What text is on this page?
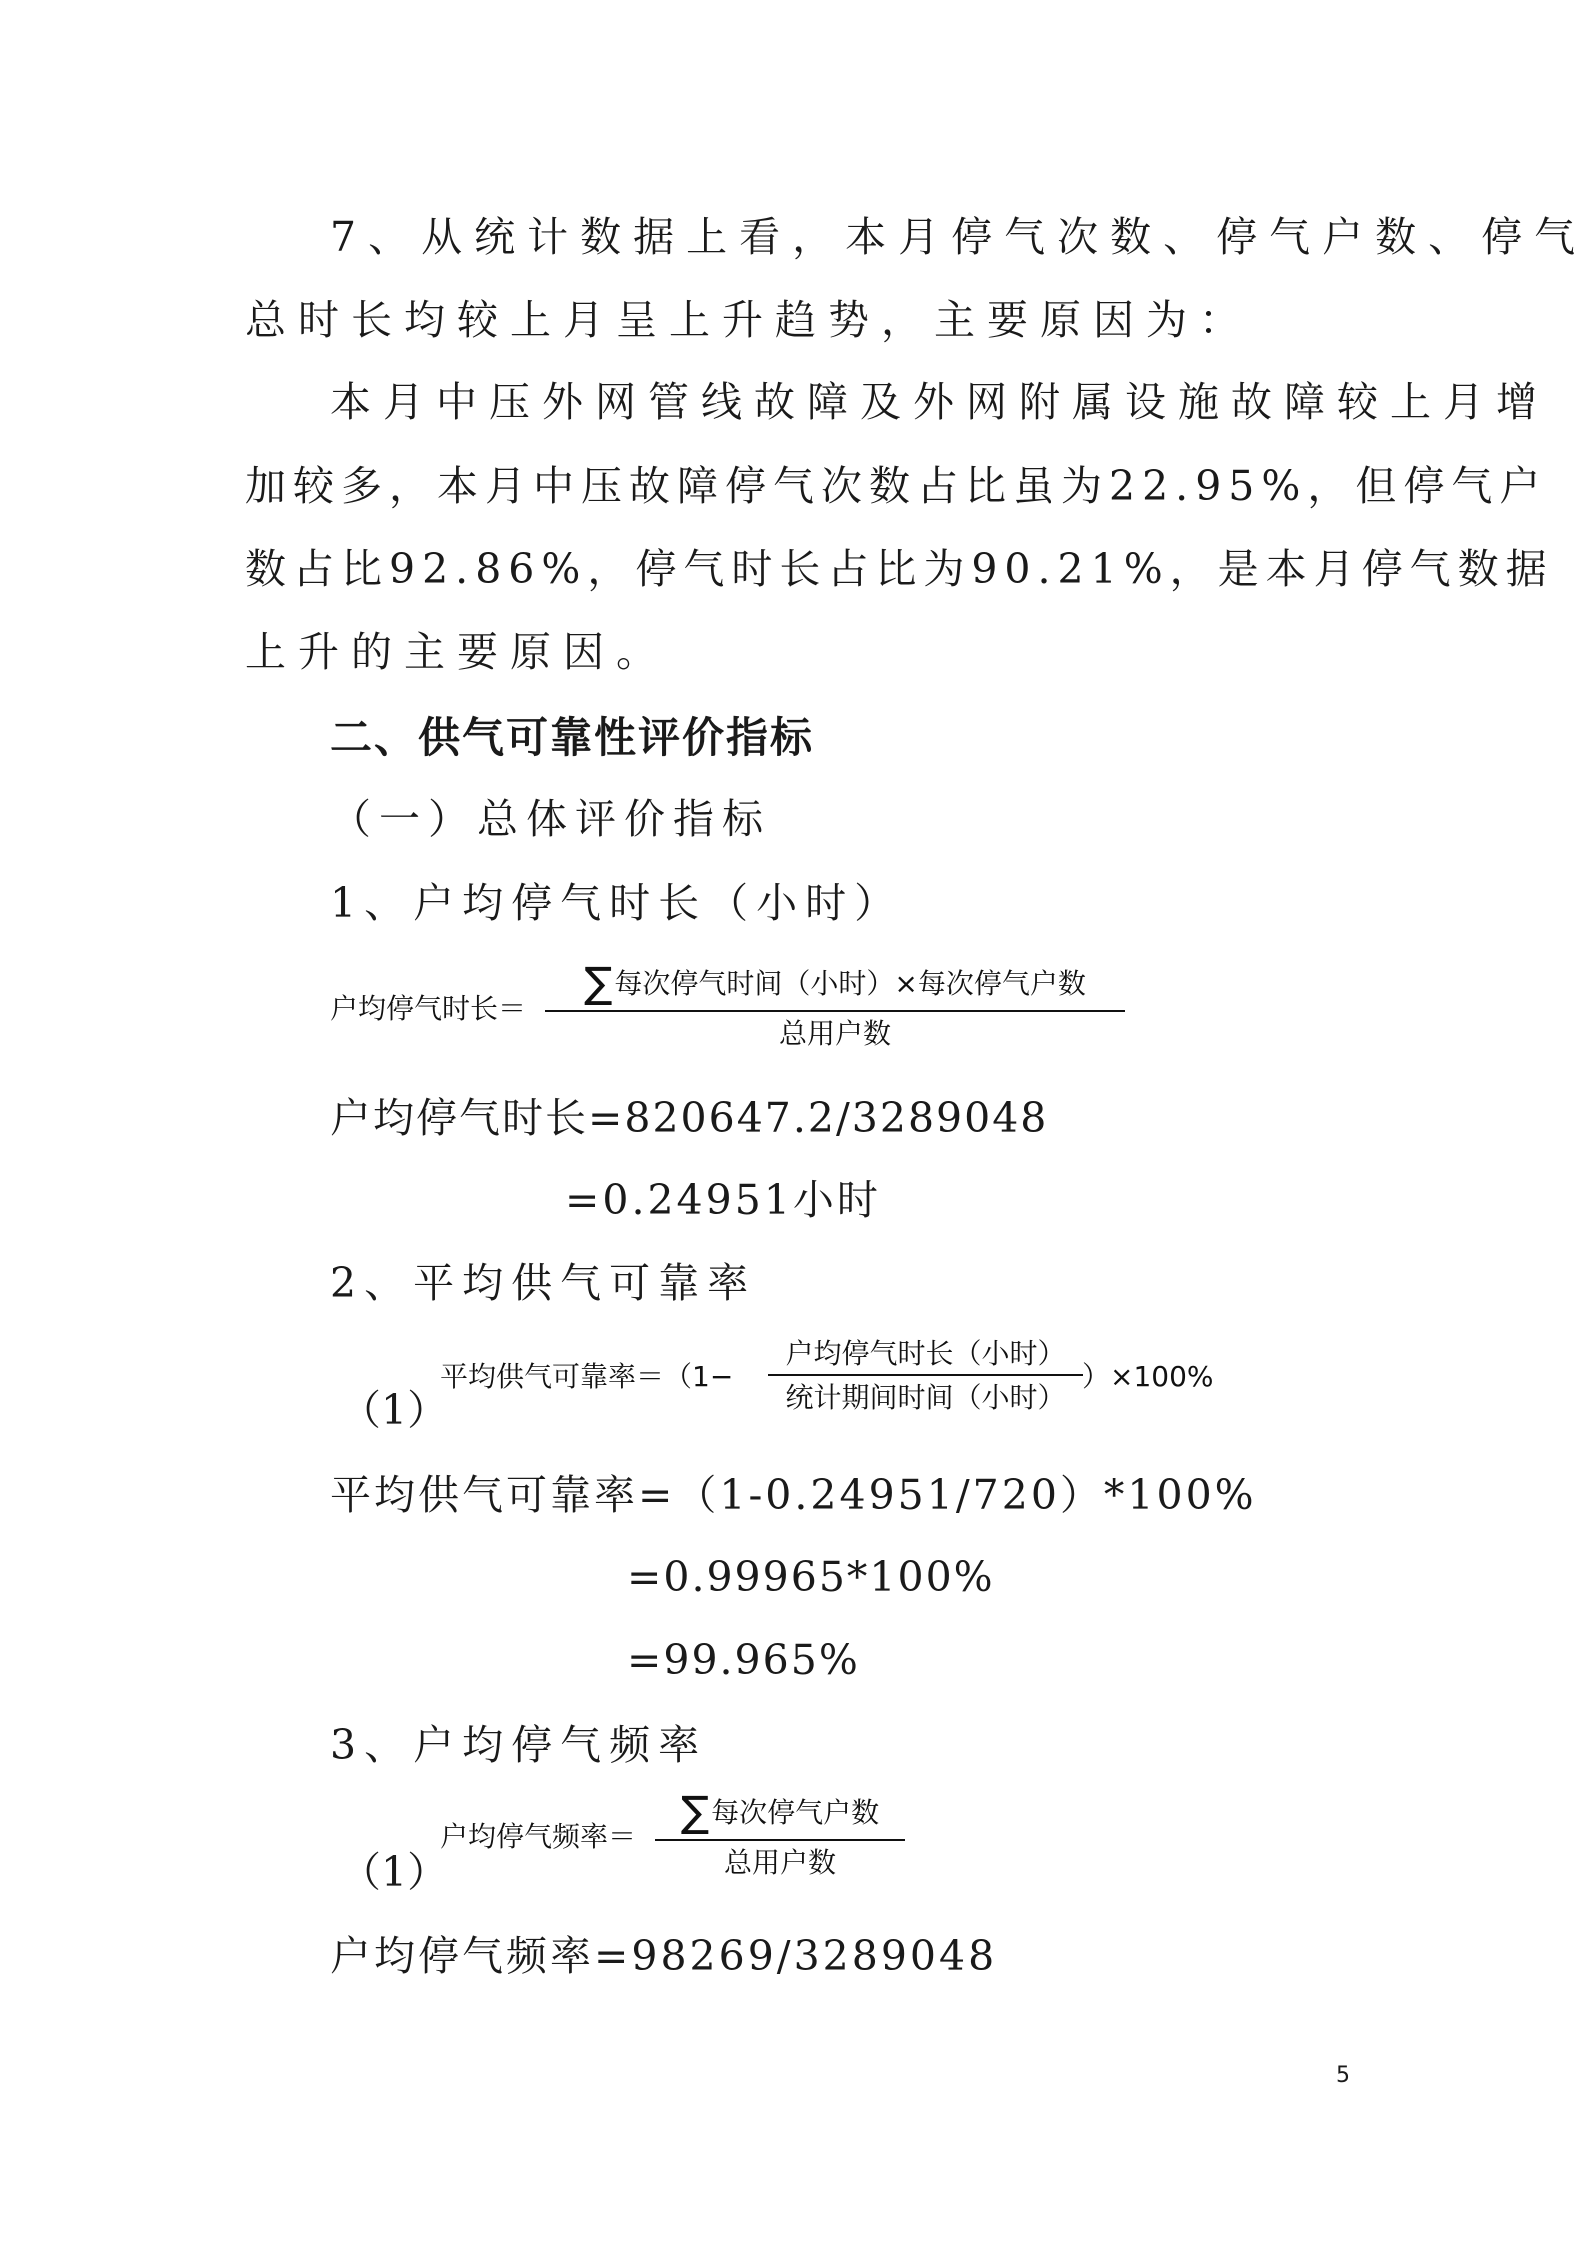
7、从统计数据上看，本月停气次数、停气户数、停气
总时长均较上月呈上升趋势，主要原因为：
本月中压外网管线故障及外网附属设施故障较上月增
加较多，本月中压故障停气次数占比虽为22.95%，但停气户
数占比92.86%，停气时长占比为90.21%，是本月停气数据
上升的主要原因。
二、供气可靠性评价指标
（一）总体评价指标
1、户均停气时长（小时）
户均停气时长＝
∑每次停气时间（小时）×每次停气户数
总用户数
户均停气时长=820647.2/3289048
=0.24951小时
2、平均供气可靠率
（1）
平均供气可靠率＝（1−
户均停气时长（小时）
统计期间时间（小时）
）×100%
平均供气可靠率=（1-0.24951/720）*100%
=0.99965*100%
=99.965%
3、户均停气频率
（1）
户均停气频率＝
∑每次停气户数
总用户数
户均停气频率=98269/3289048
5
